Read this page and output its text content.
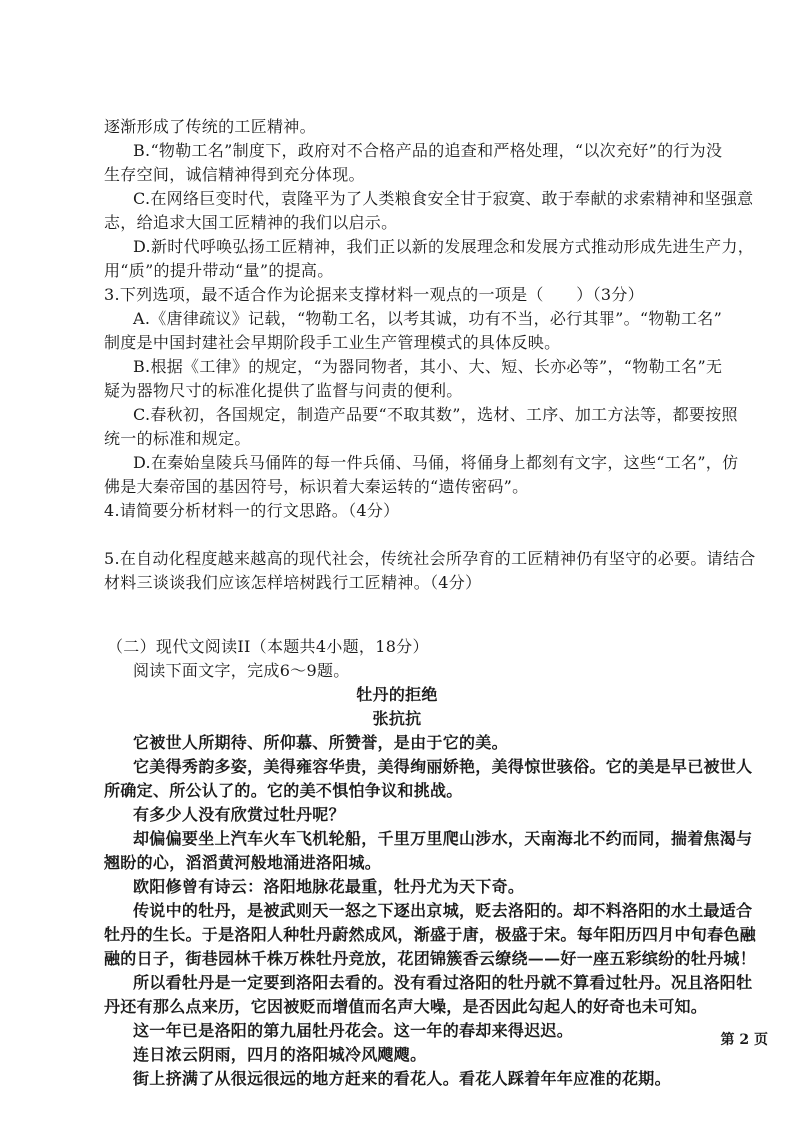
逐渐形成了传统的工匠精神。
B.“物勒工名”制度下，政府对不合格产品的追查和严格处理，“以次充好”的行为没
生存空间，诚信精神得到充分体现。
C.在网络巨变时代，袁隆平为了人类粮食安全甘于寂寞、敢于奉献的求索精神和坚强意
志，给追求大国工匠精神的我们以启示。
D.新时代呼唤弘扬工匠精神，我们正以新的发展理念和发展方式推动形成先进生产力，
用“质”的提升带动“量”的提高。
3.下列选项，最不适合作为论据来支撑材料一观点的一项是（　　）（3分）
A.《唐律疏议》记载，“物勒工名，以考其诚，功有不当，必行其罪”。“物勒工名”
制度是中国封建社会早期阶段手工业生产管理模式的具体反映。
B.根据《工律》的规定，“为器同物者，其小、大、短、长亦必等”，“物勒工名”无
疑为器物尺寸的标准化提供了监督与问责的便利。
C.春秋初，各国规定，制造产品要“不取其数”，选材、工序、加工方法等，都要按照
统一的标准和规定。
D.在秦始皇陵兵马俑阵的每一件兵俑、马俑，将俑身上都刻有文字，这些“工名”，仿
佛是大秦帝国的基因符号，标识着大秦运转的“遗传密码”。
4.请简要分析材料一的行文思路。（4分）
5.在自动化程度越来越高的现代社会，传统社会所孕育的工匠精神仍有坚守的必要。请结合
材料三谈谈我们应该怎样培树践行工匠精神。（4分）
（二）现代文阅读II（本题共4小题，18分）
阅读下面文字，完成6～9题。
牡丹的拒绝
张抗抗
它被世人所期待、所仰慕、所赞誉，是由于它的美。
它美得秀韵多姿，美得雍容华贵，美得绚丽娇艳，美得惊世骇俗。它的美是早已被世人
所确定、所公认了的。它的美不惧怕争议和挑战。
有多少人没有欣赏过牡丹呢？
却偏偏要坐上汽车火车飞机轮船，千里万里爬山涉水，天南海北不约而同，揣着焦渴与
翘盼的心，滔滔黄河般地涌进洛阳城。
欧阳修曾有诗云：洛阳地脉花最重，牡丹尤为天下奇。
传说中的牡丹，是被武则天一怒之下逐出京城，贬去洛阳的。却不料洛阳的水土最适合
牡丹的生长。于是洛阳人种牡丹蔚然成风，渐盛于唐，极盛于宋。每年阳历四月中旬春色融
融的日子，街巷园林千株万株牡丹竞放，花团锦簇香云缭绕——好一座五彩缤纷的牡丹城！
所以看牡丹是一定要到洛阳去看的。没有看过洛阳的牡丹就不算看过牡丹。况且洛阳牡
丹还有那么点来历，它因被贬而增值而名声大噪，是否因此勾起人的好奇也未可知。
这一年已是洛阳的第九届牡丹花会。这一年的春却来得迟迟。
连日浓云阴雨，四月的洛阳城冷风飕飕。
街上挤满了从很远很远的地方赶来的看花人。看花人踩着年年应准的花期。
第 2 页
